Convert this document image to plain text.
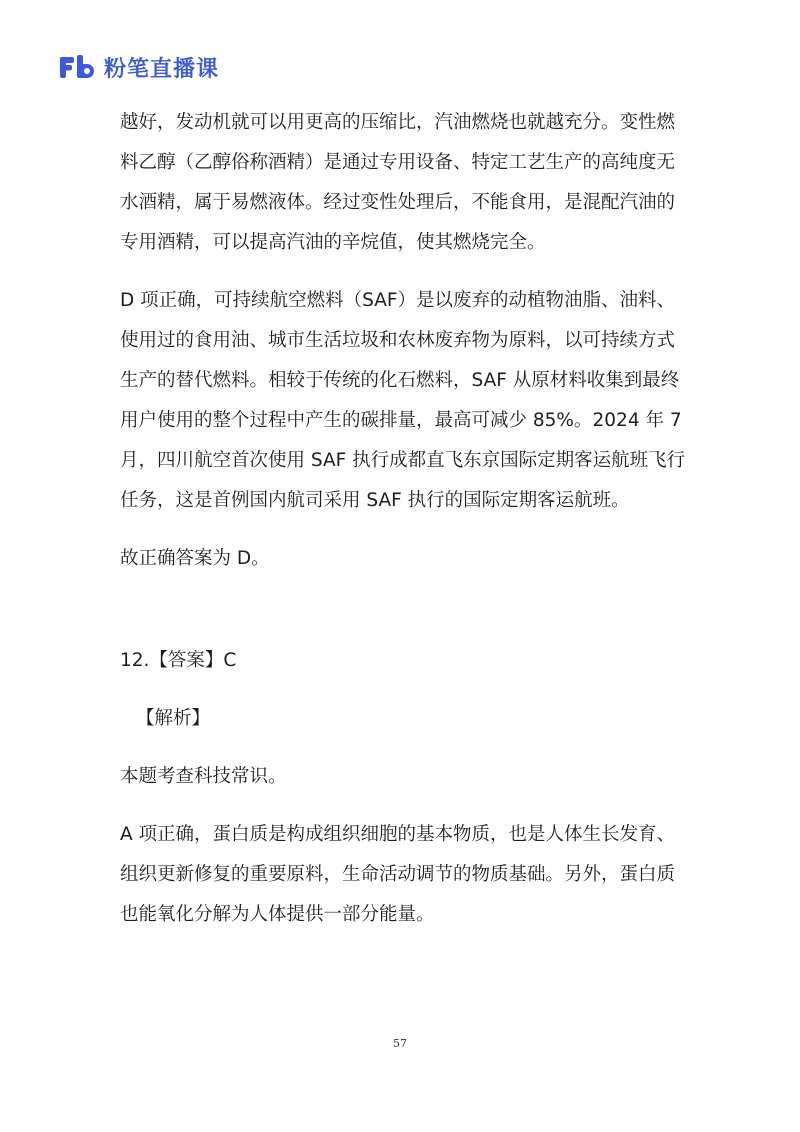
粉笔直播课

越好，发动机就可以用更高的压缩比，汽油燃烧也就越充分。变性燃料乙醇（乙醇俗称酒精）是通过专用设备、特定工艺生产的高纯度无水酒精，属于易燃液体。经过变性处理后，不能食用，是混配汽油的专用酒精，可以提高汽油的辛烷值，使其燃烧完全。

D 项正确，可持续航空燃料（SAF）是以废弃的动植物油脂、油料、使用过的食用油、城市生活垃圾和农林废弃物为原料，以可持续方式生产的替代燃料。相较于传统的化石燃料，SAF 从原材料收集到最终用户使用的整个过程中产生的碳排量，最高可减少 85%。2024 年 7 月，四川航空首次使用 SAF 执行成都直飞东京国际定期客运航班飞行任务，这是首例国内航司采用 SAF 执行的国际定期客运航班。

故正确答案为 D。

12.【答案】C

【解析】

本题考查科技常识。

A 项正确，蛋白质是构成组织细胞的基本物质，也是人体生长发育、组织更新修复的重要原料，生命活动调节的物质基础。另外，蛋白质也能氧化分解为人体提供一部分能量。

57
